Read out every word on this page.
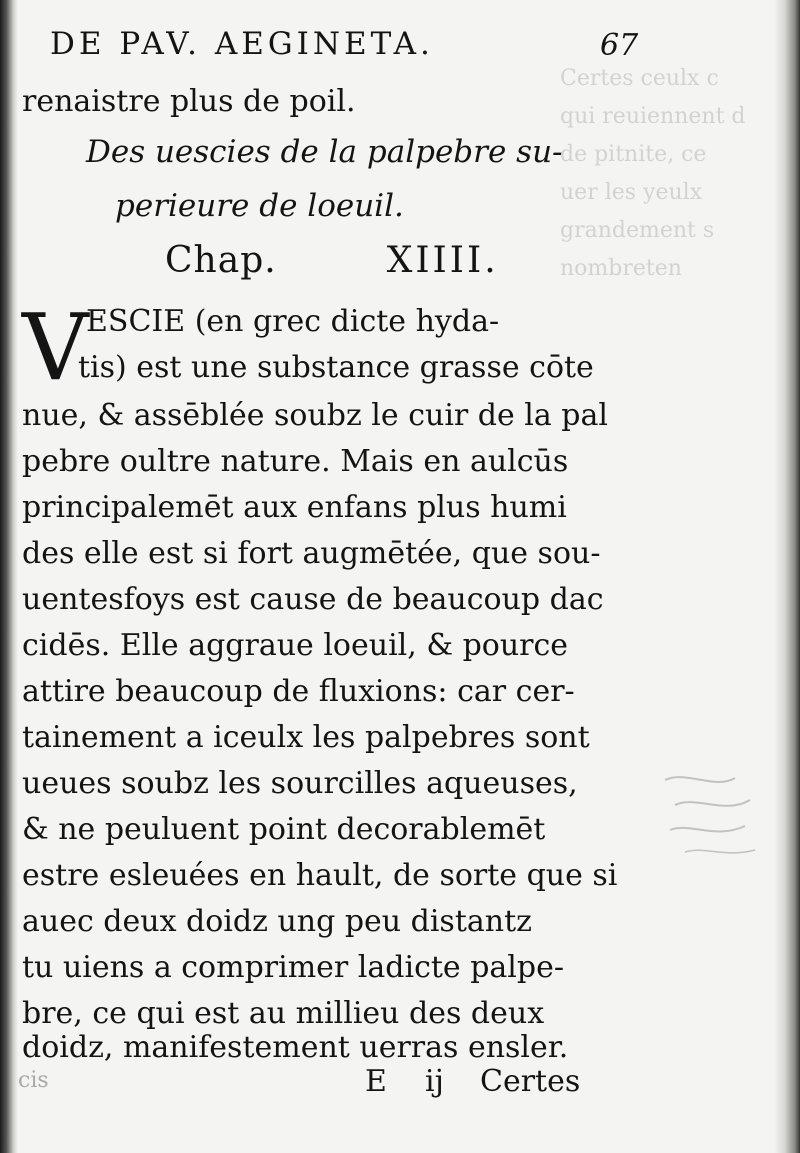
Certes ceulx c
qui reuiennent d
de pitnite, ce
uer les yeulx
grandement s
nombreten
DE PAV. AEGINETA.	67
renaistre plus de poil.
Des uescies de la palpebre su-
perieure de loeuil.
Chap.	XIIII.
V
ESCIE (en grec dicte hyda-
tis) est une substance grasse cōte
nue, & assēblée soubz le cuir de la pal
pebre oultre nature. Mais en aulcūs
principalemēt aux enfans plus humi
des elle est si fort augmētée, que sou-
uentesfoys est cause de beaucoup dac
cidēs. Elle aggraue loeuil, & pource
attire beaucoup de fluxions: car cer-
tainement a iceulx les palpebres sont
ueues soubz les sourcilles aqueuses,
& ne peuluent point decorablemēt
estre esleuées en hault, de sorte que si
auec deux doidz ung peu distantz
tu uiens a comprimer ladicte palpe-
bre, ce qui est au millieu des deux
doidz, manifestement uerras ensler.
cis	E ij Certes
